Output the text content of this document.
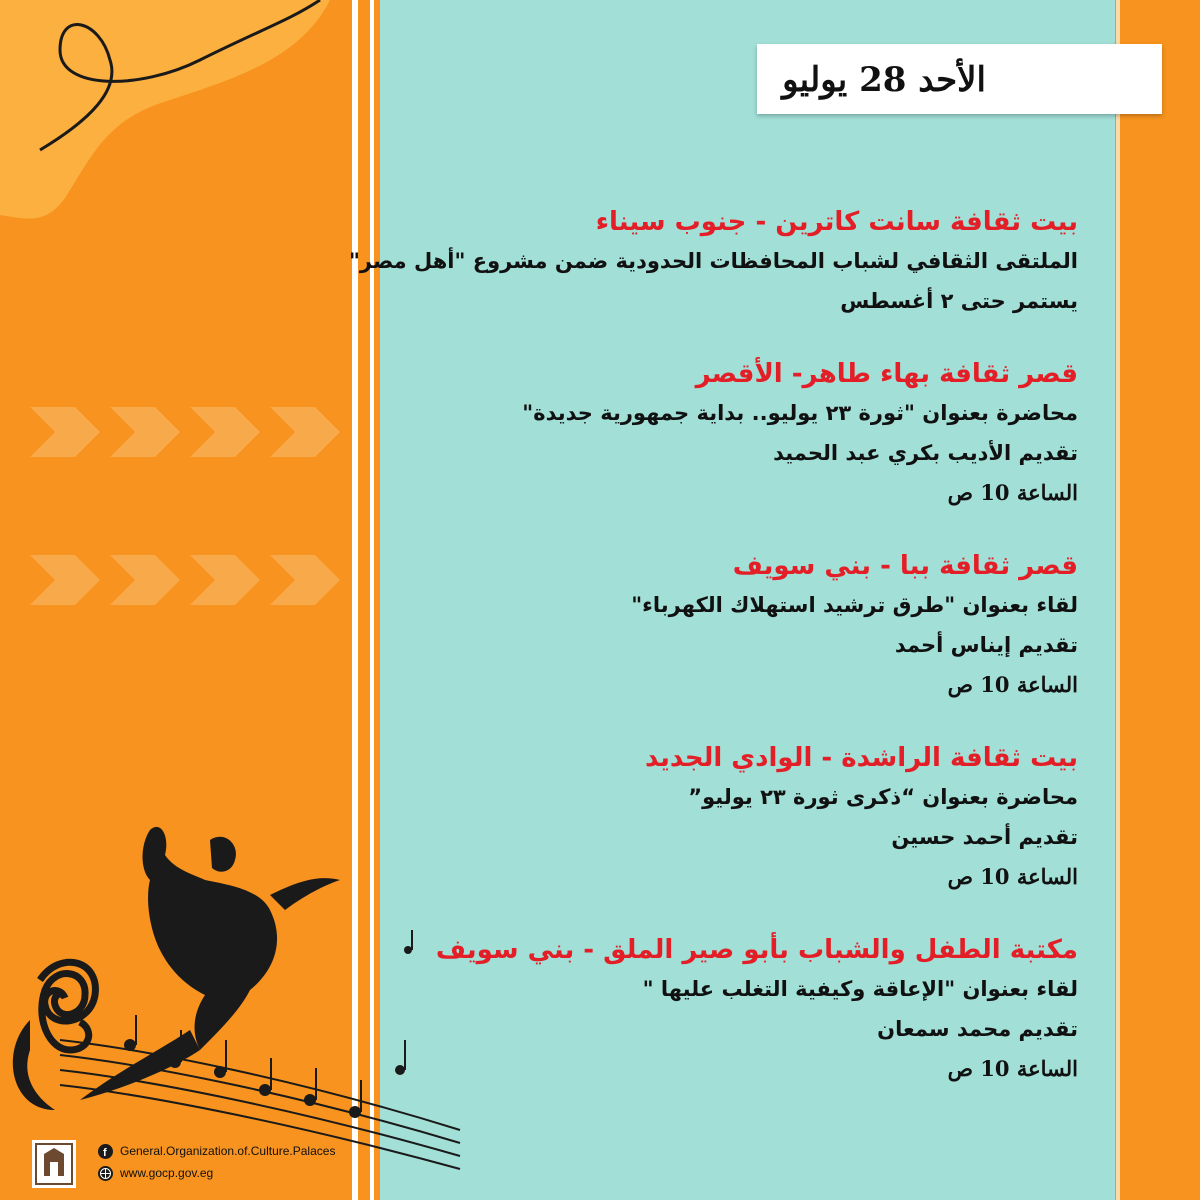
الأحد 28 يوليو
بيت ثقافة سانت كاترين - جنوب سيناء
الملتقى الثقافي لشباب المحافظات الحدودية ضمن مشروع "أهل مصر"
يستمر حتى ٢ أغسطس
قصر ثقافة بهاء طاهر- الأقصر
محاضرة بعنوان "ثورة ٢٣ يوليو.. بداية جمهورية جديدة"
تقديم الأديب بكري عبد الحميد
الساعة 10 ص
قصر ثقافة ببا - بني سويف
لقاء بعنوان "طرق ترشيد استهلاك الكهرباء"
تقديم إيناس أحمد
الساعة 10 ص
بيت ثقافة الراشدة - الوادي الجديد
محاضرة بعنوان “ذكرى ثورة ٢٣ يوليو”
تقديم أحمد حسين
الساعة 10 ص
مكتبة الطفل والشباب بأبو صير الملق - بني سويف
لقاء بعنوان "الإعاقة وكيفية التغلب عليها "
تقديم محمد سمعان
الساعة 10 ص
f General.Organization.of.Culture.Palaces
www.gocp.gov.eg
